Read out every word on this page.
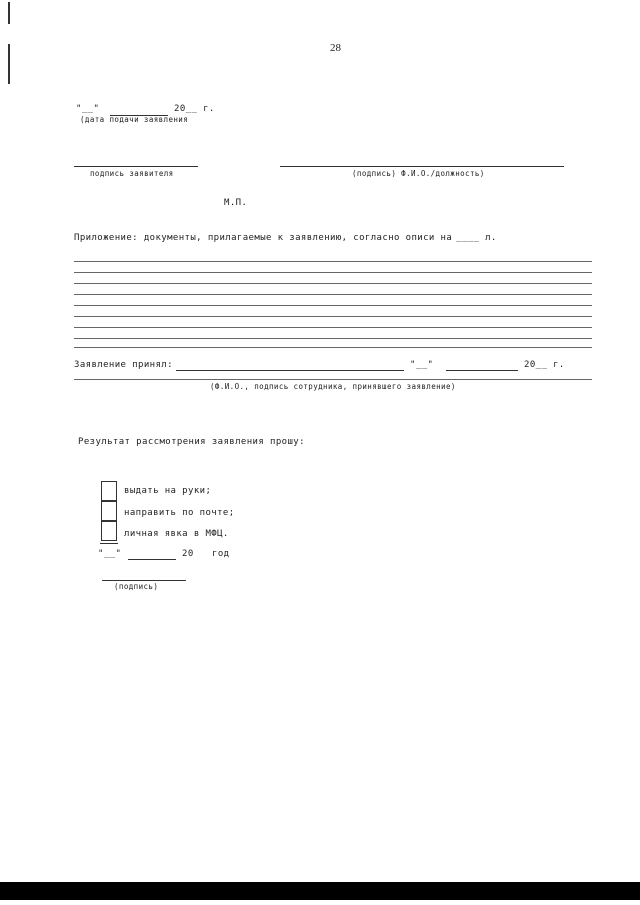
28
"__"	20__ г.
(дата подачи заявления
подпись заявителя	(подпись) Ф.И.О./должность)
М.П.
Приложение: документы, прилагаемые к заявлению, согласно описи на ____ л.
Заявление принял:	"__"	20__ г.
(Ф.И.О., подпись сотрудника, принявшего заявление)
Результат рассмотрения заявления прошу:
выдать на руки;
направить по почте;
личная явка в МФЦ.
"__"	20 год
(подпись)
